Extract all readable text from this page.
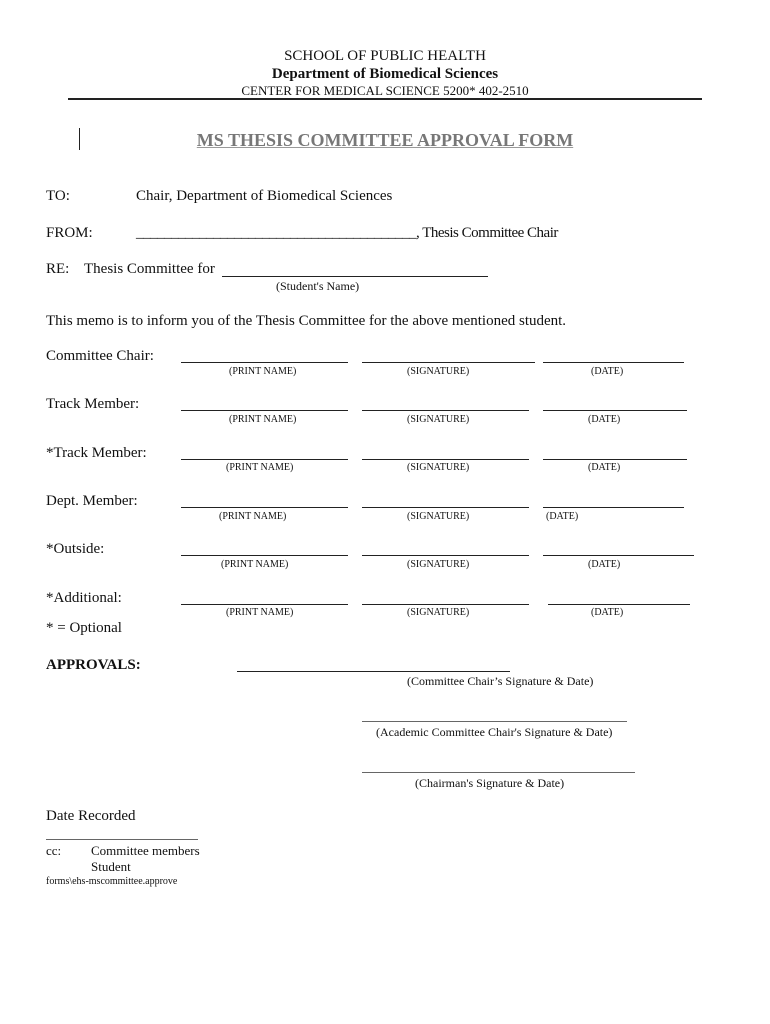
SCHOOL OF PUBLIC HEALTH
Department of Biomedical Sciences
CENTER FOR MEDICAL SCIENCE 5200* 402-2510
MS THESIS COMMITTEE APPROVAL FORM
TO:	Chair, Department of Biomedical Sciences
FROM:	________________________________________, Thesis Committee Chair
RE: Thesis Committee for
(Student's Name)
This memo is to inform you of the Thesis Committee for the above mentioned student.
Committee Chair:
(PRINT NAME)	(SIGNATURE)	(DATE)
Track Member:
(PRINT NAME)	(SIGNATURE)	(DATE)
*Track Member:
(PRINT NAME)	(SIGNATURE)	(DATE)
Dept. Member:
(PRINT NAME)	(SIGNATURE)	(DATE)
*Outside:
(PRINT NAME)	(SIGNATURE)	(DATE)
*Additional:
(PRINT NAME)	(SIGNATURE)	(DATE)
* = Optional
APPROVALS:
(Committee Chair’s Signature & Date)
(Academic Committee Chair's Signature & Date)
(Chairman's Signature & Date)
Date Recorded
cc: Committee members
Student
forms\ehs-mscommittee.approve
